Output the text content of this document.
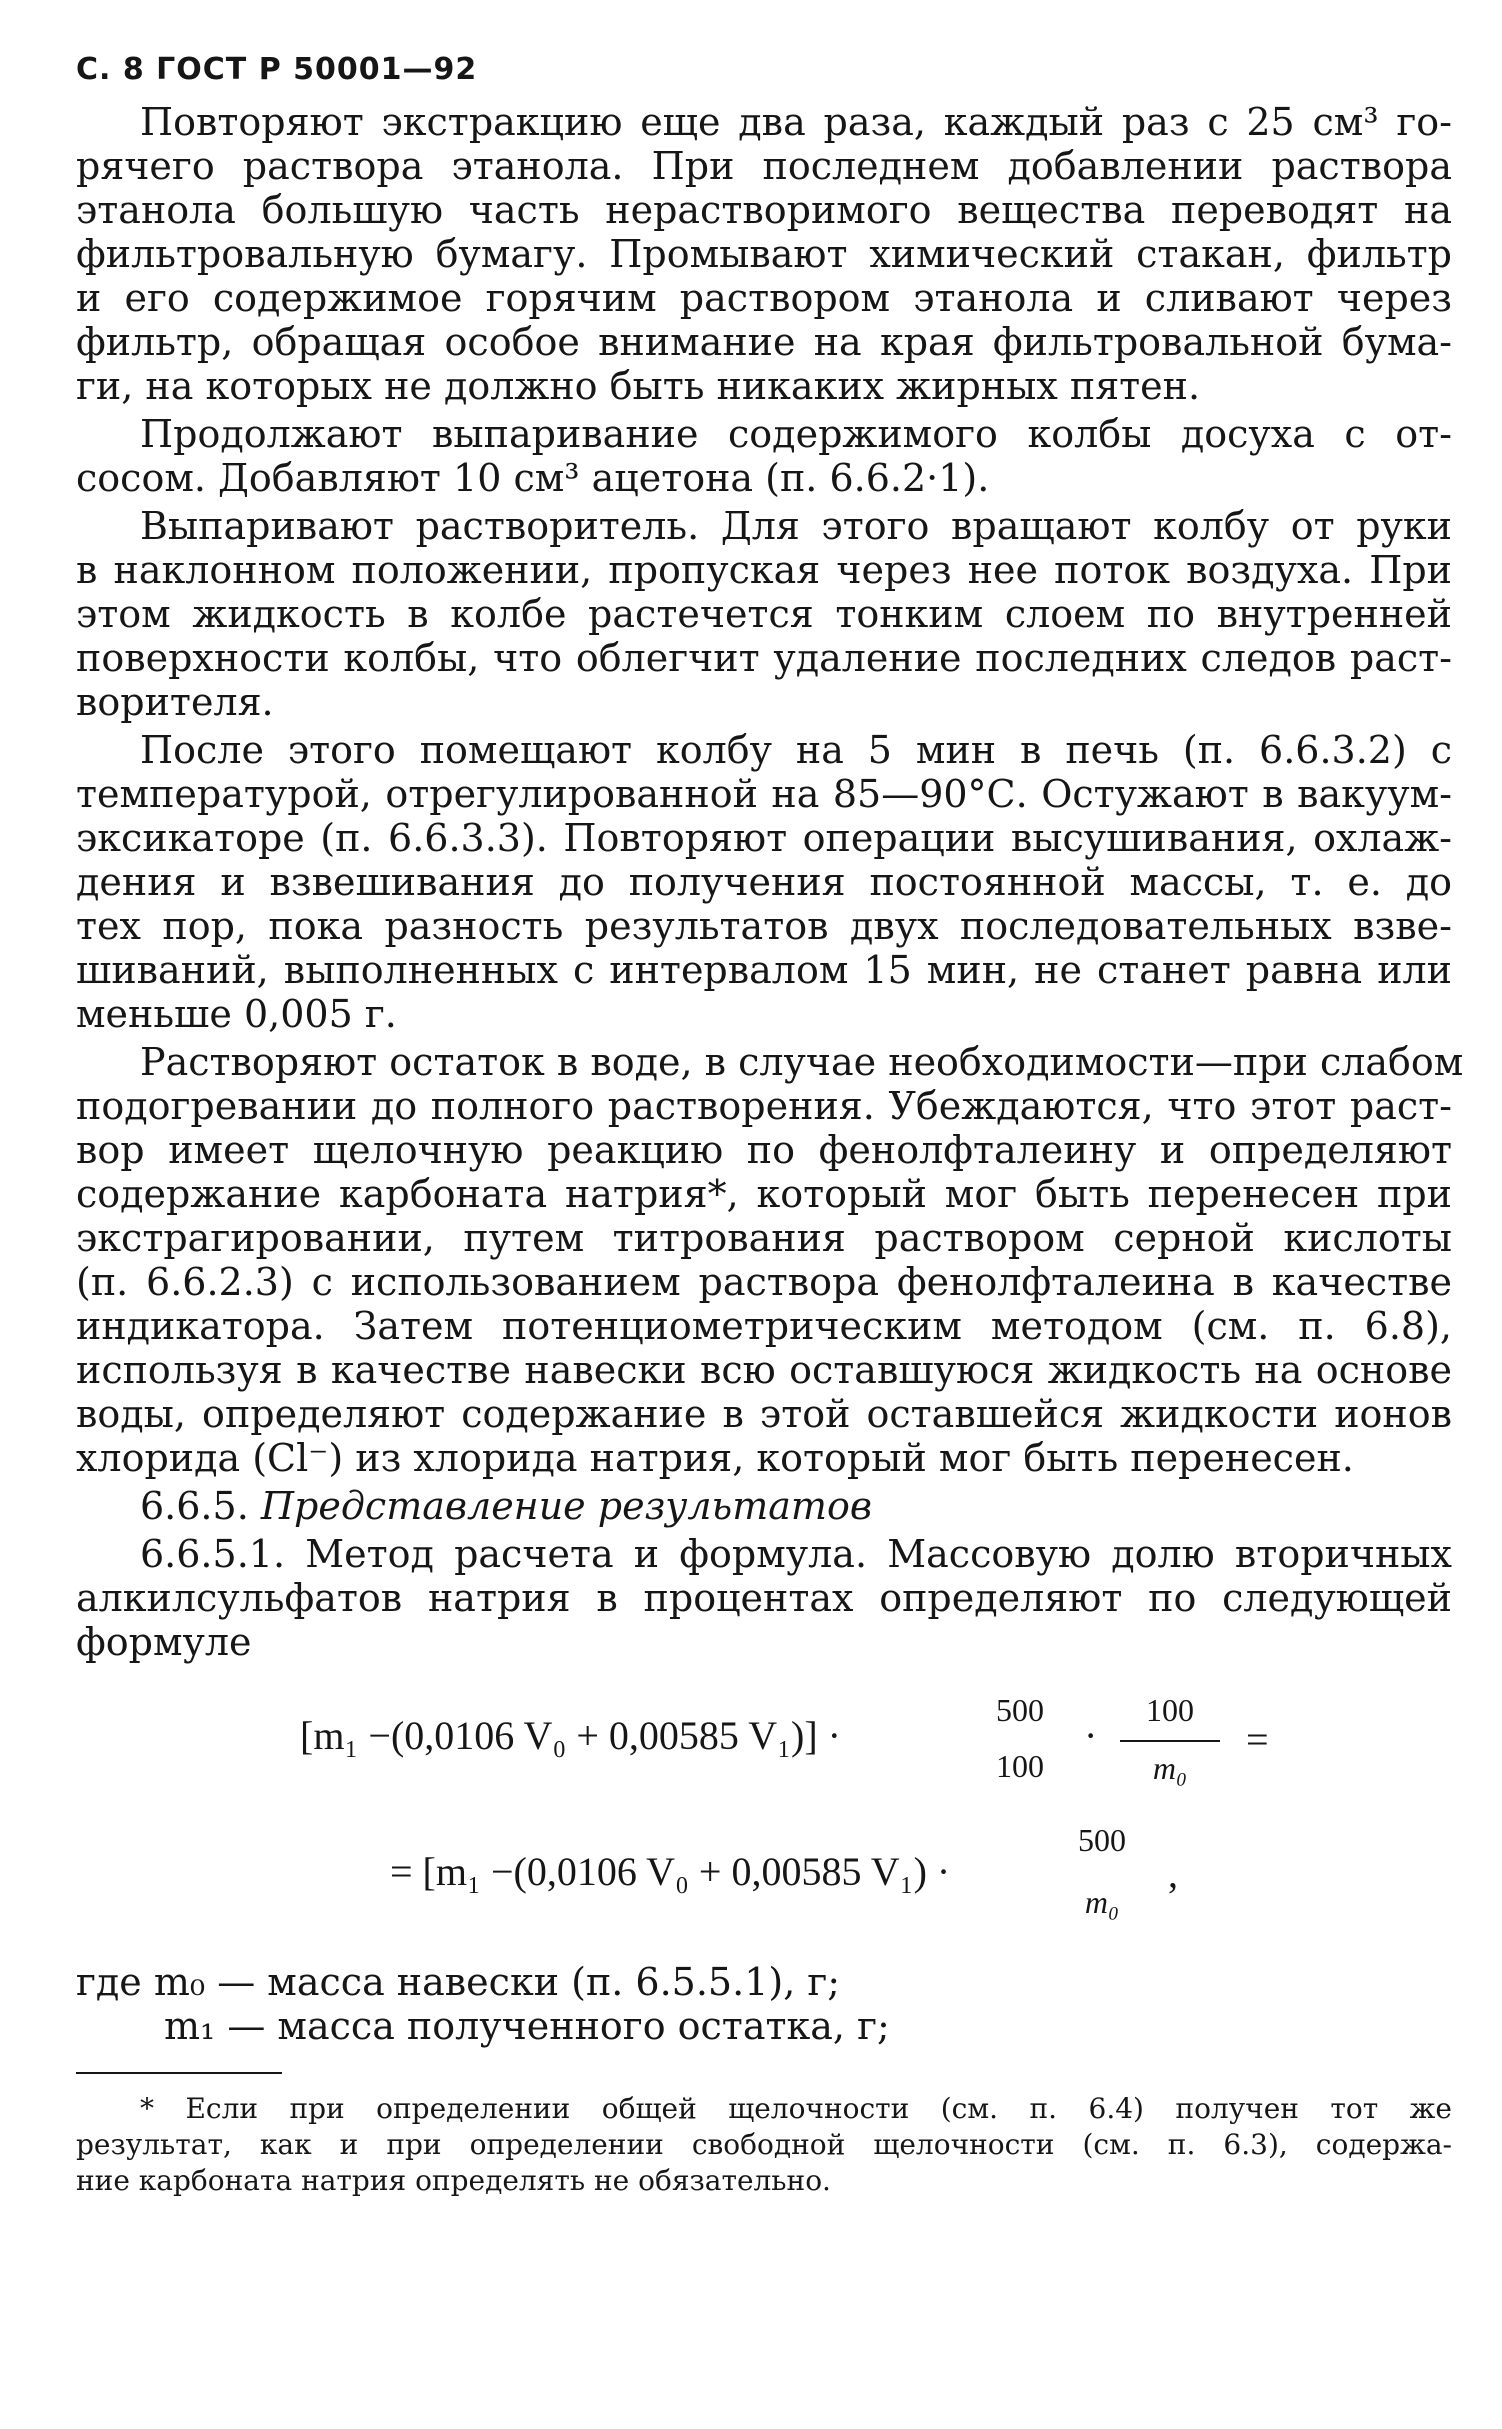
С. 8 ГОСТ Р 50001—92
Повторяют экстракцию еще два раза, каждый раз с 25 см³ го-
рячего раствора этанола. При последнем добавлении раствора
этанола большую часть нерастворимого вещества переводят на
фильтровальную бумагу. Промывают химический стакан, фильтр
и его содержимое горячим раствором этанола и сливают через
фильтр, обращая особое внимание на края фильтровальной бума-
ги, на которых не должно быть никаких жирных пятен.
Продолжают выпаривание содержимого колбы досуха с от-
сосом. Добавляют 10 см³ ацетона (п. 6.6.2·1).
Выпаривают растворитель. Для этого вращают колбу от руки
в наклонном положении, пропуская через нее поток воздуха. При
этом жидкость в колбе растечется тонким слоем по внутренней
поверхности колбы, что облегчит удаление последних следов раст-
ворителя.
После этого помещают колбу на 5 мин в печь (п. 6.6.3.2) с
температурой, отрегулированной на 85—90°С. Остужают в вакуум-
эксикаторе (п. 6.6.3.3). Повторяют операции высушивания, охлаж-
дения и взвешивания до получения постоянной массы, т. е. до
тех пор, пока разность результатов двух последовательных взве-
шиваний, выполненных с интервалом 15 мин, не станет равна или
меньше 0,005 г.
Растворяют остаток в воде, в случае необходимости—при слабом
подогревании до полного растворения. Убеждаются, что этот раст-
вор имеет щелочную реакцию по фенолфталеину и определяют
содержание карбоната натрия*, который мог быть перенесен при
экстрагировании, путем титрования раствором серной кислоты
(п. 6.6.2.3) с использованием раствора фенолфталеина в качестве
индикатора. Затем потенциометрическим методом (см. п. 6.8),
используя в качестве навески всю оставшуюся жидкость на основе
воды, определяют содержание в этой оставшейся жидкости ионов
хлорида (Cl⁻) из хлорида натрия, который мог быть перенесен.
6.6.5. Представление результатов
6.6.5.1. Метод расчета и формула. Массовую долю вторичных
алкилсульфатов натрия в процентах определяют по следующей
формуле
[m₁ −(0,0106 V₀ + 0,00585 V₁)] ·
500
100
·
100
m₀
=
= [m₁ −(0,0106 V₀ + 0,00585 V₁) ·
500
m₀
,
где m₀ — масса навески (п. 6.5.5.1), г;
m₁ — масса полученного остатка, г;
* Если при определении общей щелочности (см. п. 6.4) получен тот же
результат, как и при определении свободной щелочности (см. п. 6.3), содержа-
ние карбоната натрия определять не обязательно.
